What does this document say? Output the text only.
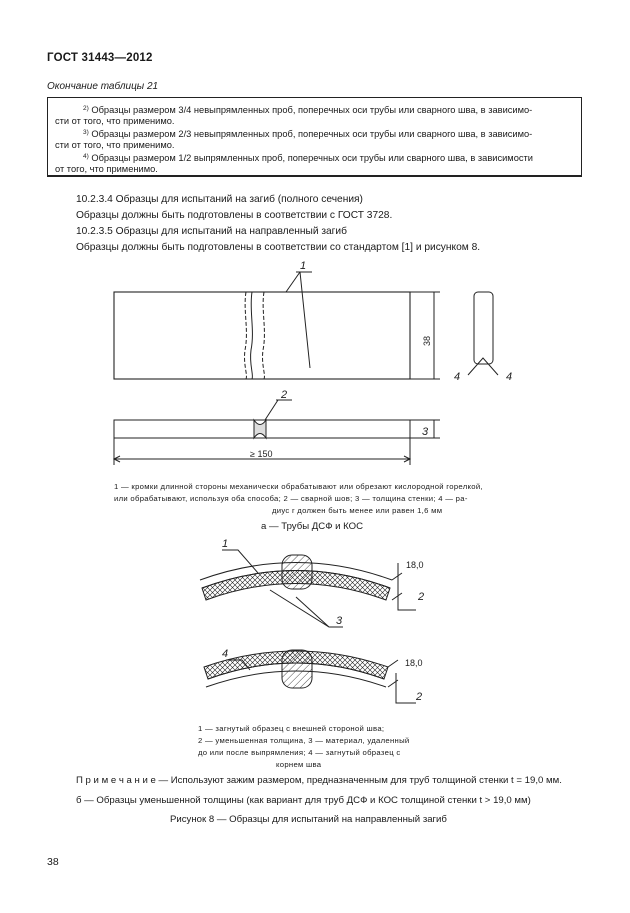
ГОСТ 31443—2012
Окончание таблицы 21
$^{2)}$ Образцы размером 3/4 невыпрямленных проб, поперечных оси трубы или сварного шва, в зависимо-
сти от того, что применимо.
$^{3)}$ Образцы размером 2/3 невыпрямленных проб, поперечных оси трубы или сварного шва, в зависимо-
сти от того, что применимо.
$^{4)}$ Образцы размером 1/2 выпрямленных проб, поперечных оси трубы или сварного шва, в зависимости
от того, что применимо.
10.2.3.4 Образцы для испытаний на загиб (полного сечения)
Образцы должны быть подготовлены в соответствии с ГОСТ 3728.
10.2.3.5 Образцы для испытаний на направленный загиб
Образцы должны быть подготовлены в соответствии со стандартом [1] и рисунком 8.
1
2
3
4	4
38
≥ 150
1 — кромки длинной стороны механически обрабатывают или обрезают кислородной горелкой,
или обрабатывают, используя оба способа; 2 — сварной шов; 3 — толщина стенки; 4 — ра-
диус r должен быть менее или равен 1,6 мм
а — Трубы ДСФ и КОС
1
2
3
4
2
18,0
18,0
1 — загнутый образец с внешней стороной шва;
2 — уменьшенная толщина, 3 — материал, удаленный
до или после выпрямления; 4 — загнутый образец с
корнем шва
П р и м е ч а н и е — Используют зажим размером, предназначенным для труб толщиной стенки t = 19,0 мм.
б — Образцы уменьшенной толщины (как вариант для труб ДСФ и КОС толщиной стенки t > 19,0 мм)
Рисунок 8 — Образцы для испытаний на направленный загиб
38
